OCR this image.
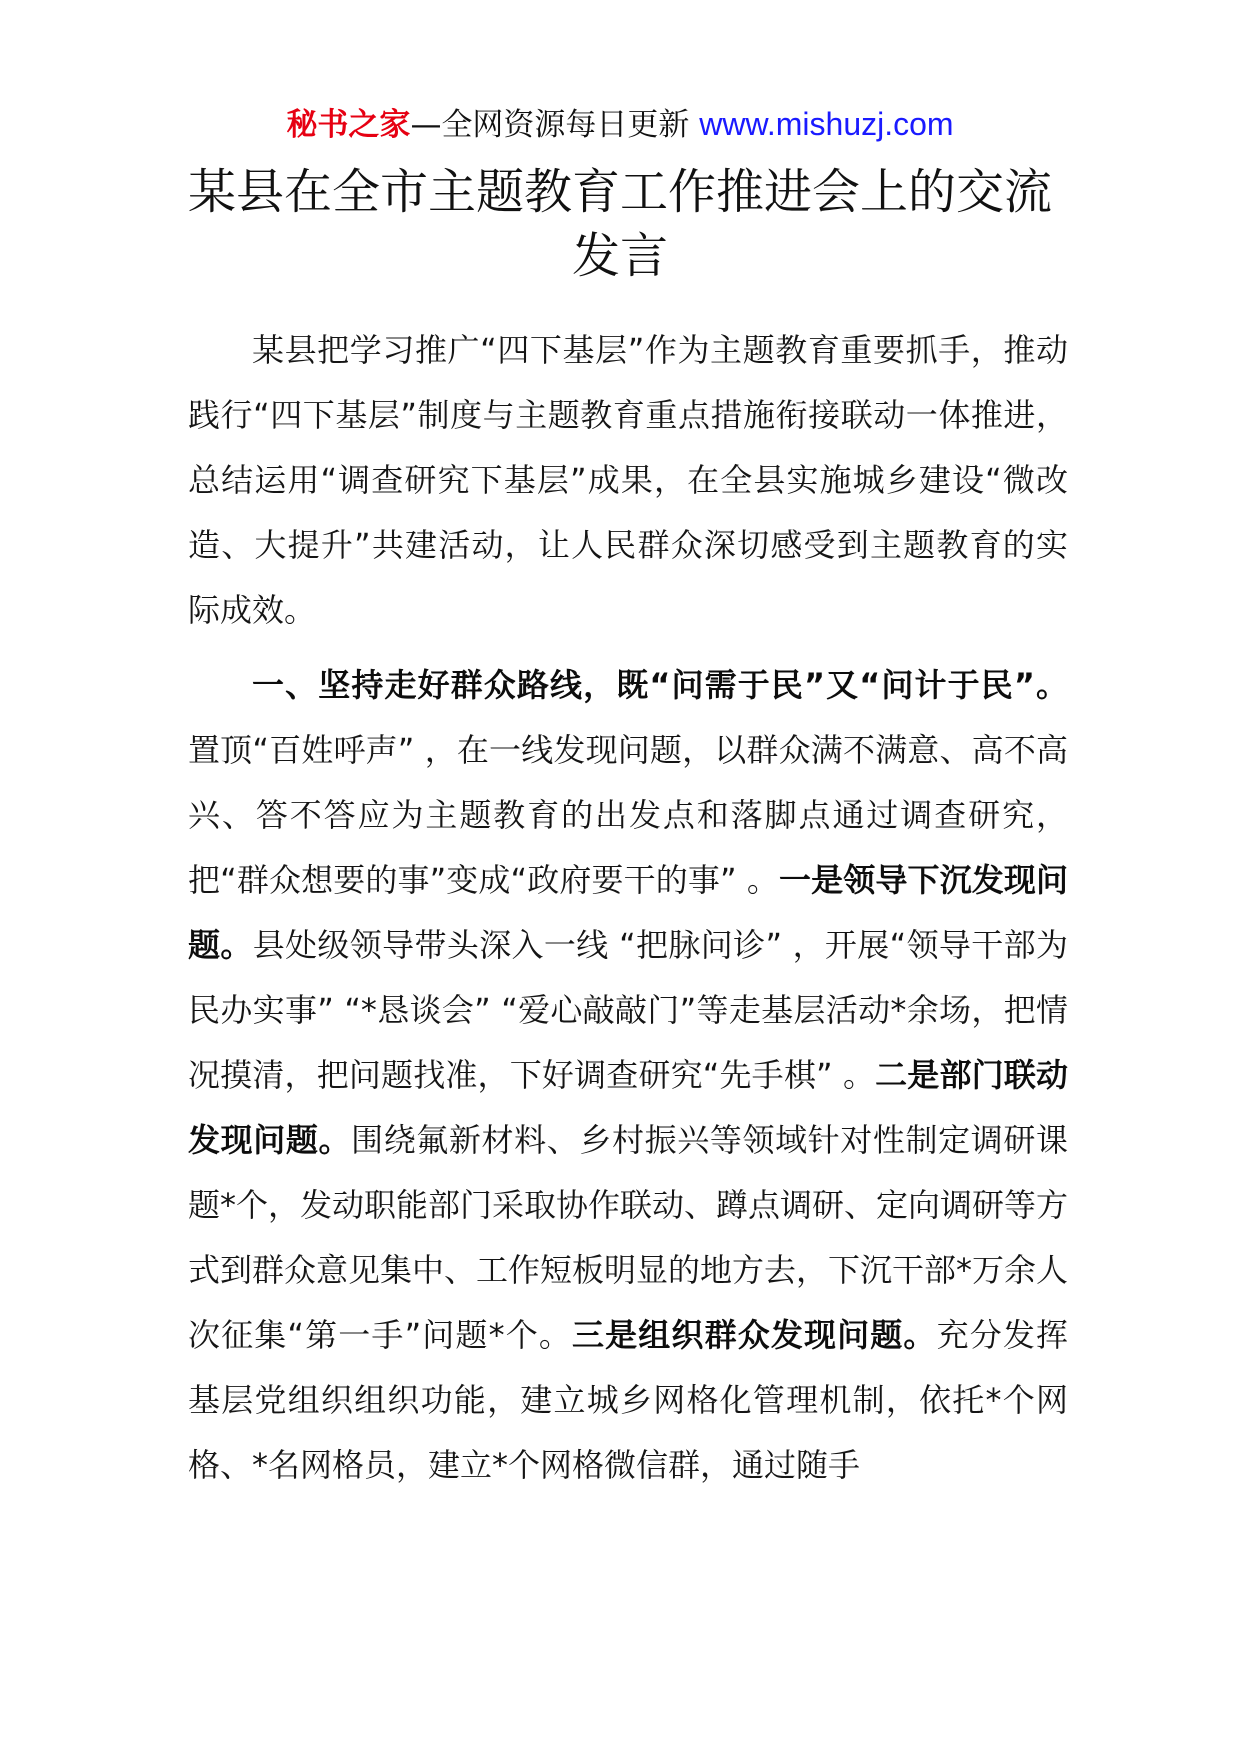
秘书之家—全网资源每日更新 www.mishuzj.com
某县在全市主题教育工作推进会上的交流发言

某县把学习推广“四下基层”作为主题教育重要抓手，推动践行“四下基层”制度与主题教育重点措施衔接联动一体推进，总结运用“调查研究下基层”成果，在全县实施城乡建设“微改造、大提升”共建活动，让人民群众深切感受到主题教育的实际成效。

一、坚持走好群众路线，既“问需于民”又“问计于民”。置顶“百姓呼声” ，在一线发现问题，以群众满不满意、高不高兴、答不答应为主题教育的出发点和落脚点通过调查研究，把“群众想要的事”变成“政府要干的事” 。一是领导下沉发现问题。县处级领导带头深入一线 “把脉问诊” ，开展“领导干部为民办实事” “*恳谈会” “爱心敲敲门”等走基层活动*余场，把情况摸清，把问题找准，下好调查研究“先手棋” 。二是部门联动发现问题。围绕氟新材料、乡村振兴等领域针对性制定调研课题*个，发动职能部门采取协作联动、蹲点调研、定向调研等方式到群众意见集中、工作短板明显的地方去，下沉干部*万余人次征集“第一手”问题*个。三是组织群众发现问题。充分发挥基层党组织组织功能，建立城乡网格化管理机制，依托*个网格、*名网格员，建立*个网格微信群，通过随手
